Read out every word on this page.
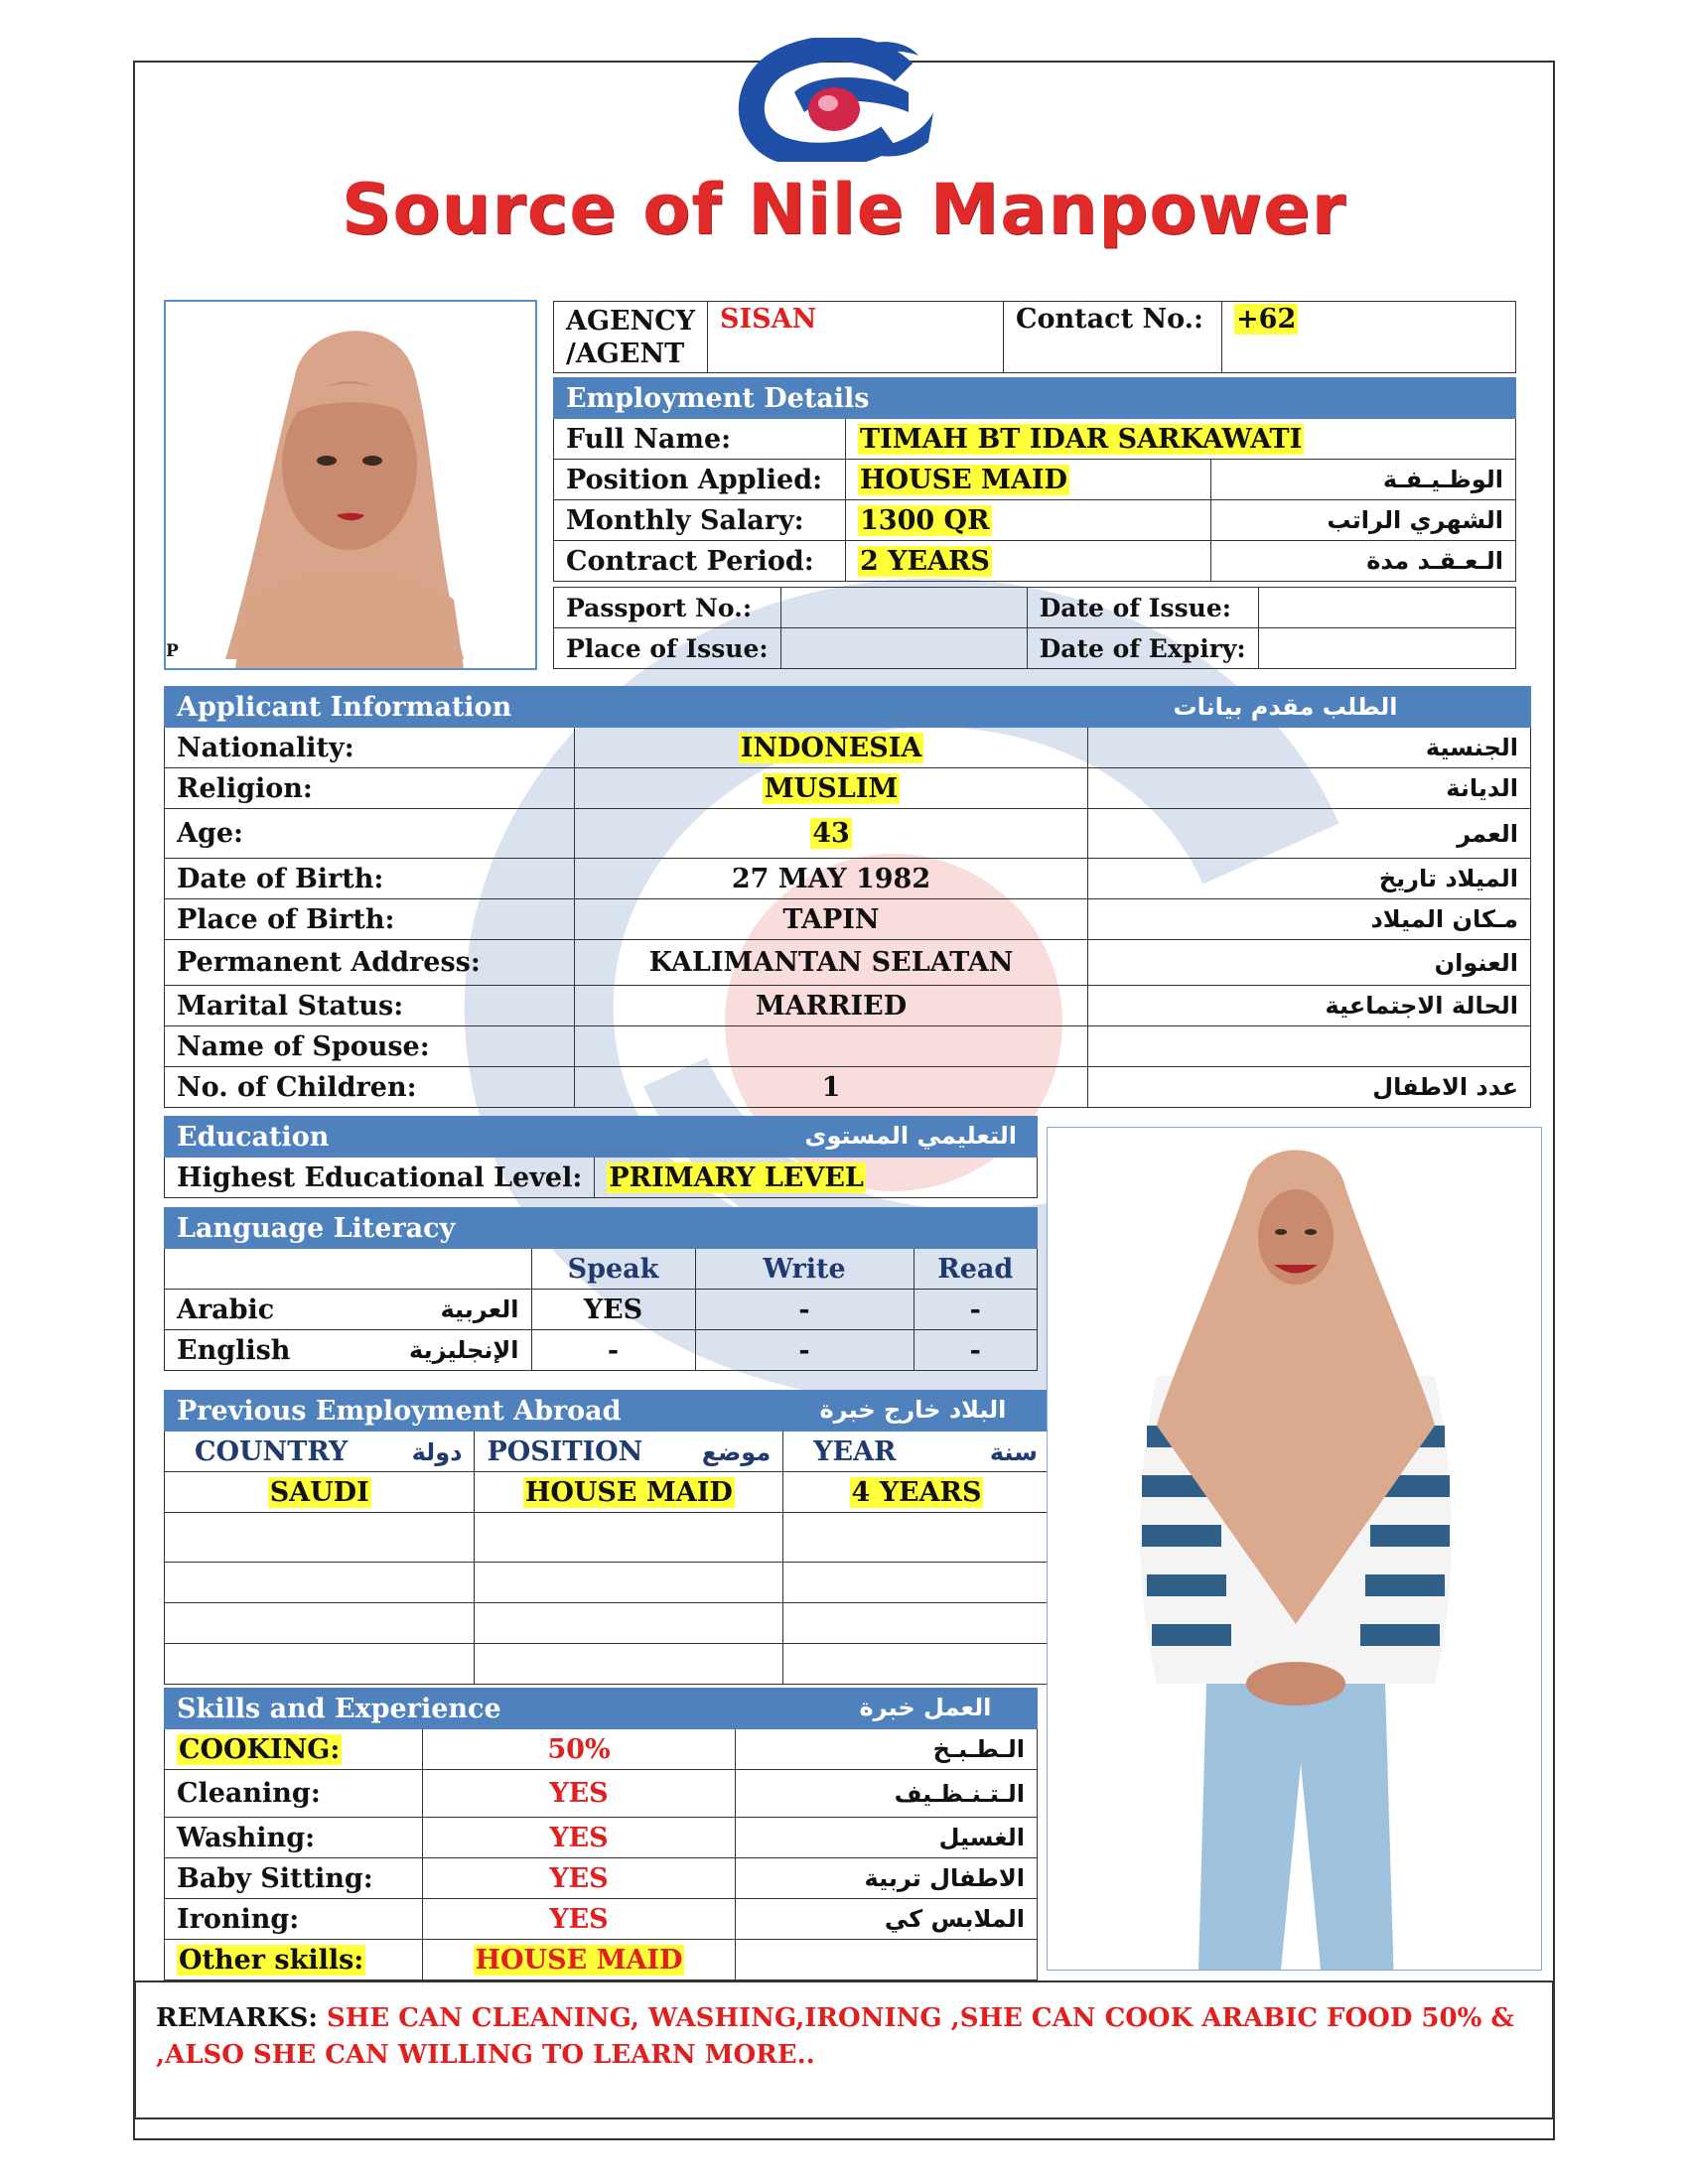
Source of Nile Manpower
P
AGENCY
/AGENT
	SISAN	Contact No.:	+62
Employment Details		
Full Name:	TIMAH BT IDAR SARKAWATI	
Position Applied:	HOUSE MAID	الوظـيـفـة
Monthly Salary:	1300 QR	الشهري الراتب
Contract Period:	2 YEARS	الـعـقـد مدة
Passport No.:		Date of Issue:	
Place of Issue:		Date of Expiry:	
Applicant Information		الطلب مقدم بيانات
Nationality:	INDONESIA	الجنسية
Religion:	MUSLIM	الديانة
Age:	43	العمر
Date of Birth:	27 MAY 1982	الميلاد تاريخ
Place of Birth:	TAPIN	مـكان الميلاد
Permanent Address:	KALIMANTAN SELATAN	العنوان
Marital Status:	MARRIED	الحالة الاجتماعية
Name of Spouse:		
No. of Children:	1	عدد الاطفال
Education	التعليمي المستوى

Highest Educational Level:	PRIMARY LEVEL
Language Literacy				
		Speak	Write	Read
Arabic	العربية	YES	-	-
English	الإنجليزية	-	-	-
Previous Employment Abroad البلاد خارج خبرة		

COUNTRY دولة	POSITION موضع	YEAR سنة
SAUDI	HOUSE MAID	4 YEARS

Skills and Experience العمل خبرة		

COOKING:	50%	الـطـبـخ
Cleaning:	YES	الـتـنـظـيف
Washing:	YES	الغسيل
Baby Sitting:	YES	الاطفال تربية
Ironing:	YES	الملابس كي
Other skills:	HOUSE MAID	
REMARKS: SHE CAN CLEANING, WASHING,IRONING ,SHE CAN COOK ARABIC FOOD 50% & ,ALSO SHE CAN WILLING TO LEARN MORE..
